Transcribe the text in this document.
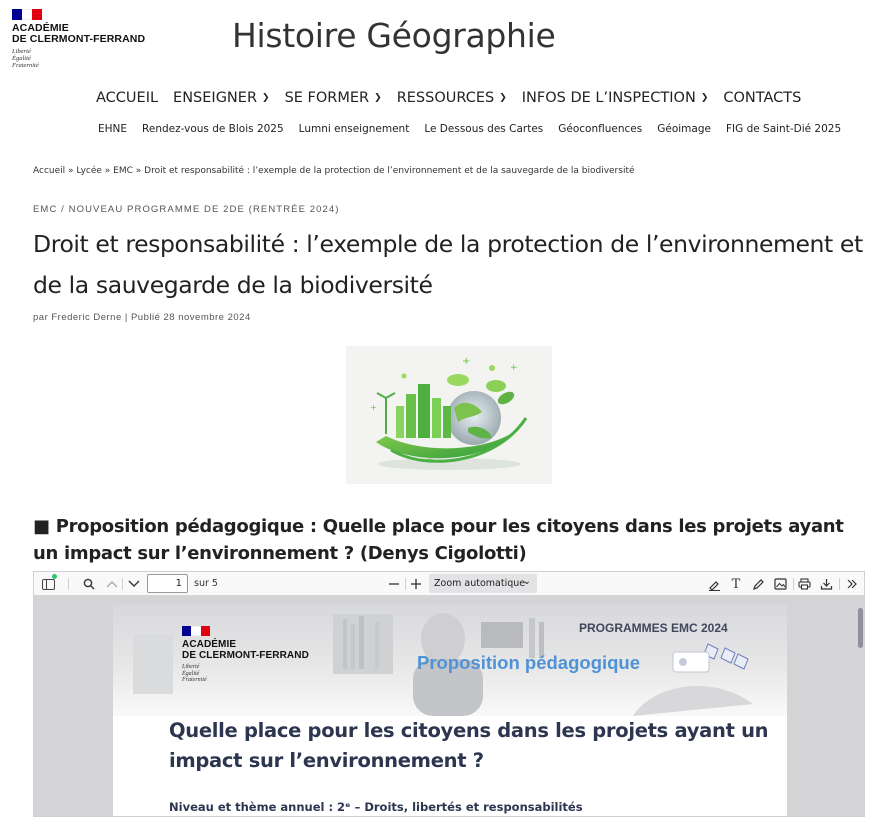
ACADÉMIE
DE CLERMONT-FERRAND
Liberté
Égalité
Fraternité
Histoire Géographie
ACCUEIL ENSEIGNER ❯ SE FORMER ❯ RESSOURCES ❯ INFOS DE L’INSPECTION ❯ CONTACTS
EHNE Rendez-vous de Blois 2025 Lumni enseignement Le Dessous des Cartes Géoconfluences Géoimage FIG de Saint-Dié 2025
Accueil » Lycée » EMC » Droit et responsabilité : l’exemple de la protection de l’environnement et de la sauvegarde de la biodiversité
EMC / NOUVEAU PROGRAMME DE 2DE (RENTRÉE 2024)
Droit et responsabilité : l’exemple de la protection de l’environnement et de la sauvegarde de la biodiversité
par Frederic Derne | Publié 28 novembre 2024
+
+
+
+
■ Proposition pédagogique : Quelle place pour les citoyens dans les projets ayant un impact sur l’environnement ? (Denys Cigolotti)
1
sur 5	Zoom automatique
⌄	T
ACADÉMIE
DE CLERMONT-FERRAND
Liberté
Égalité
Fraternité
PROGRAMMES EMC 2024
Proposition pédagogique
Quelle place pour les citoyens dans les projets ayant un impact sur l’environnement ?
Niveau et thème annuel : 2ᵉ – Droits, libertés et responsabilités
